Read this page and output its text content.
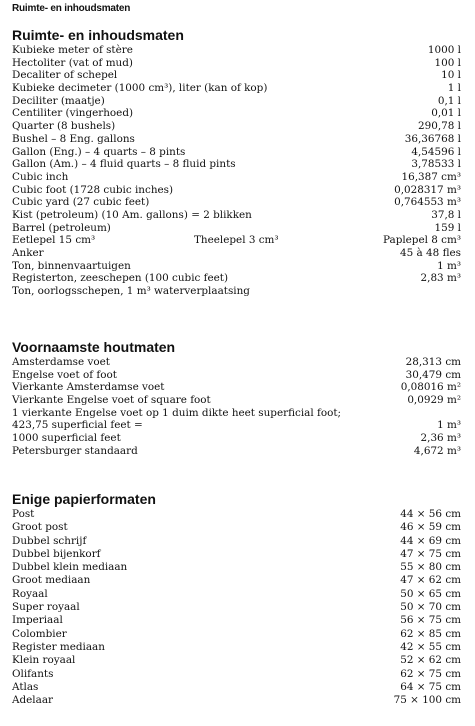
Ruimte- en inhoudsmaten
Ruimte- en inhoudsmaten
Kubieke meter of stère	1000 l
Hectoliter (vat of mud)	100 l
Decaliter of schepel	10 l
Kubieke decimeter (1000 cm³), liter (kan of kop)	1 l
Deciliter (maatje)	0,1 l
Centiliter (vingerhoed)	0,01 l
Quarter (8 bushels)	290,78 l
Bushel – 8 Eng. gallons	36,36768 l
Gallon (Eng.) – 4 quarts – 8 pints	4,54596 l
Gallon (Am.) – 4 fluid quarts – 8 fluid pints	3,78533 l
Cubic inch	16,387 cm³
Cubic foot (1728 cubic inches)	0,028317 m³
Cubic yard (27 cubic feet)	0,764553 m³
Kist (petroleum) (10 Am. gallons) = 2 blikken	37,8 l
Barrel (petroleum)	159 l
Eetlepel 15 cm³	Theelepel 3 cm³	Paplepel 8 cm³
Anker	45 à 48 fles
Ton, binnenvaartuigen	1 m³
Registerton, zeeschepen (100 cubic feet)	2,83 m³
Ton, oorlogsschepen, 1 m³ waterverplaatsing
Voornaamste houtmaten
Amsterdamse voet	28,313 cm
Engelse voet of foot	30,479 cm
Vierkante Amsterdamse voet	0,08016 m²
Vierkante Engelse voet of square foot	0,0929 m²
1 vierkante Engelse voet op 1 duim dikte heet superficial foot;
423,75 superficial feet =	1 m³
1000 superficial feet	2,36 m³
Petersburger standaard	4,672 m³
Enige papierformaten
Post	44 × 56 cm
Groot post	46 × 59 cm
Dubbel schrijf	44 × 69 cm
Dubbel bijenkorf	47 × 75 cm
Dubbel klein mediaan	55 × 80 cm
Groot mediaan	47 × 62 cm
Royaal	50 × 65 cm
Super royaal	50 × 70 cm
Imperiaal	56 × 75 cm
Colombier	62 × 85 cm
Register mediaan	42 × 55 cm
Klein royaal	52 × 62 cm
Olifants	62 × 75 cm
Atlas	64 × 75 cm
Adelaar	75 × 100 cm
